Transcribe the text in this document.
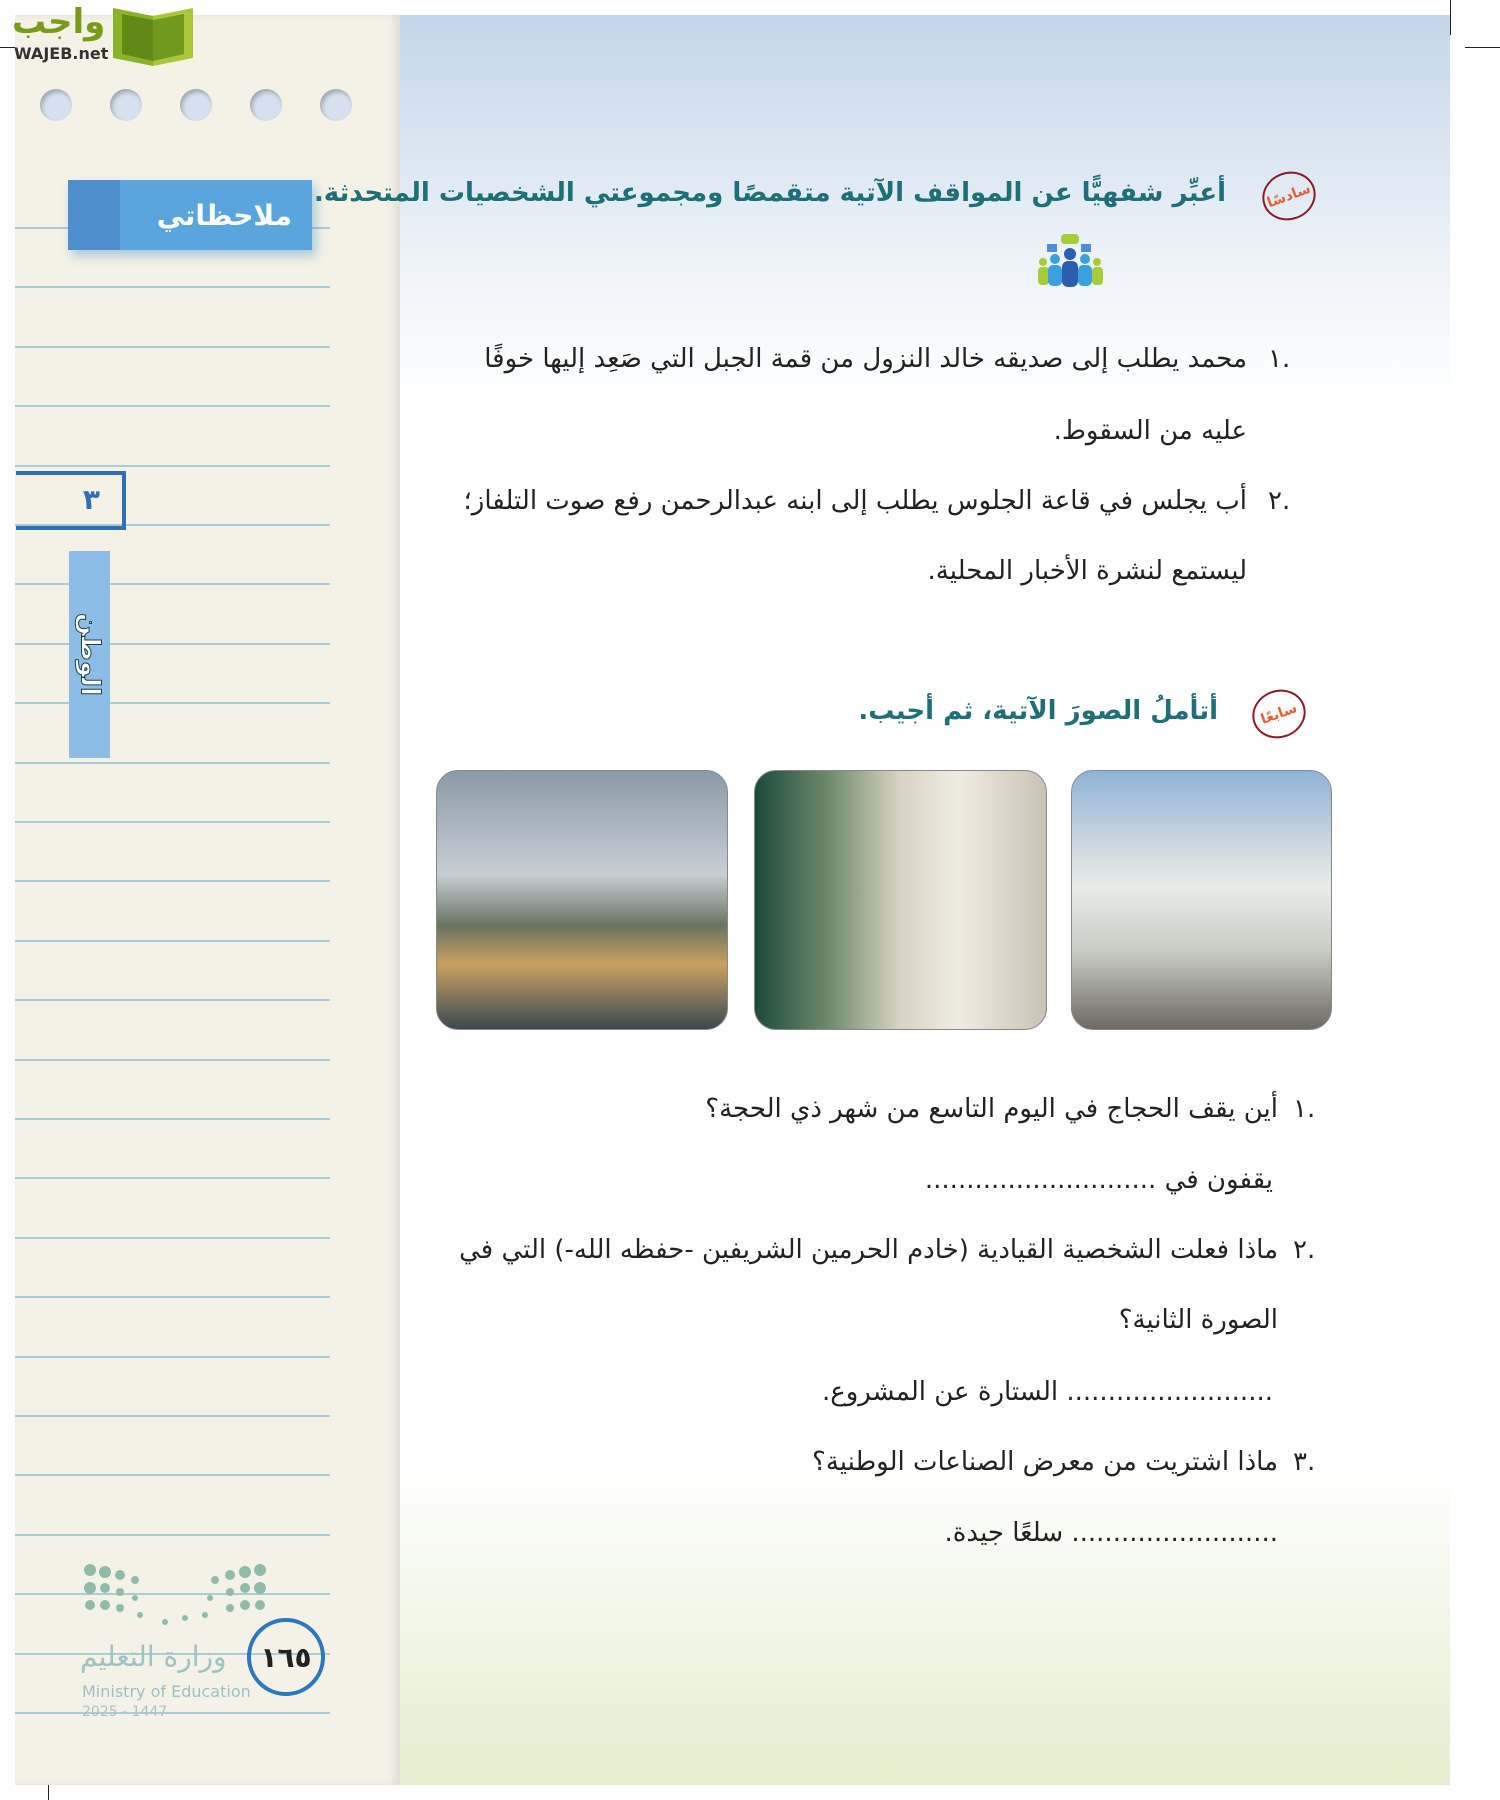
واجب
WAJEB.net
ملاحظاتي
٣
الوطن
وزارة التعليم
Ministry of Education
2025 - 1447
١٦٥
سادسًا
أعبِّر شفهيًّا عن المواقف الآتية متقمصًا ومجموعتي الشخصيات المتحدثة.
١.
محمد يطلب إلى صديقه خالد النزول من قمة الجبل التي صَعِد إليها خوفًا
عليه من السقوط.
٢.
أب يجلس في قاعة الجلوس يطلب إلى ابنه عبدالرحمن رفع صوت التلفاز؛
ليستمع لنشرة الأخبار المحلية.
سابعًا
أتأملُ الصورَ الآتية، ثم أجيب.
١.
أين يقف الحجاج في اليوم التاسع من شهر ذي الحجة؟
يقفون في ............................
٢.
ماذا فعلت الشخصية القيادية (خادم الحرمين الشريفين -حفظه الله-) التي في
الصورة الثانية؟
......................... الستارة عن المشروع.
٣.
ماذا اشتريت من معرض الصناعات الوطنية؟
......................... سلعًا جيدة.
